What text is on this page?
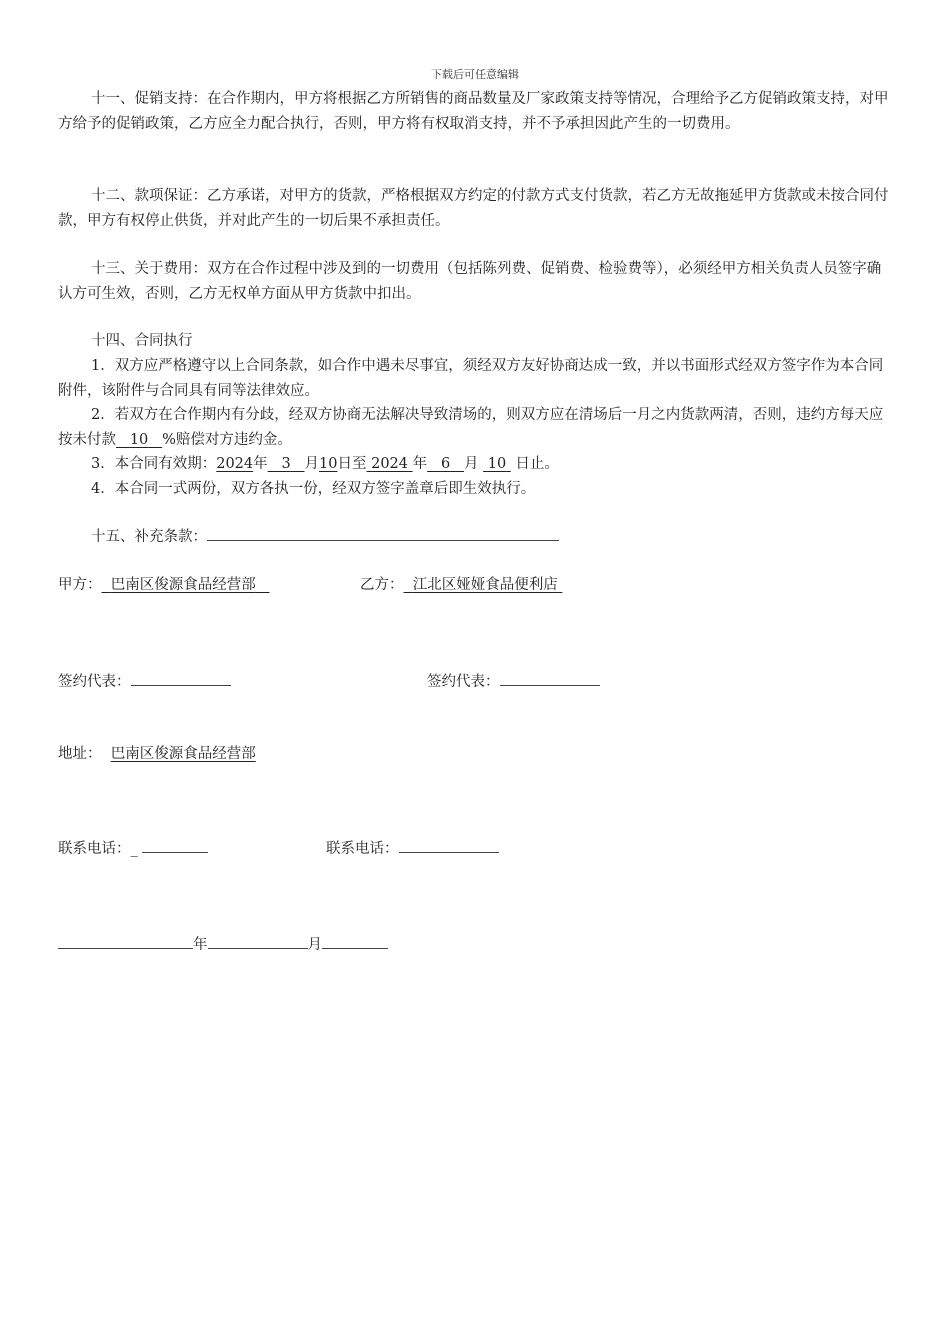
下载后可任意编辑

十一、促销支持：在合作期内，甲方将根据乙方所销售的商品数量及厂家政策支持等情况，合理给予乙方促销政策支持，对甲方给予的促销政策，乙方应全力配合执行，否则，甲方将有权取消支持，并不予承担因此产生的一切费用。

十二、款项保证：乙方承诺，对甲方的货款，严格根据双方约定的付款方式支付货款，若乙方无故拖延甲方货款或未按合同付款，甲方有权停止供货，并对此产生的一切后果不承担责任。

十三、关于费用：双方在合作过程中涉及到的一切费用（包括陈列费、促销费、检验费等），必须经甲方相关负责人员签字确认方可生效，否则，乙方无权单方面从甲方货款中扣出。

十四、合同执行

1．双方应严格遵守以上合同条款，如合作中遇未尽事宜，须经双方友好协商达成一致，并以书面形式经双方签字作为本合同附件，该附件与合同具有同等法律效应。

2．若双方在合作期内有分歧，经双方协商无法解决导致清场的，则双方应在清场后一月之内货款两清，否则，违约方每天应按未付款 10 %赔偿对方违约金。

3．本合同有效期：2024年 3 月10日至 2024 年 6 月 10 日止。

4．本合同一式两份，双方各执一份，经双方签字盖章后即生效执行。

十五、补充条款：
甲方： 巴南区俊源食品经营部	乙方： 江北区娅娅食品便利店
签约代表：	签约代表：
地址： 巴南区俊源食品经营部
联系电话：_	联系电话：
年	月
